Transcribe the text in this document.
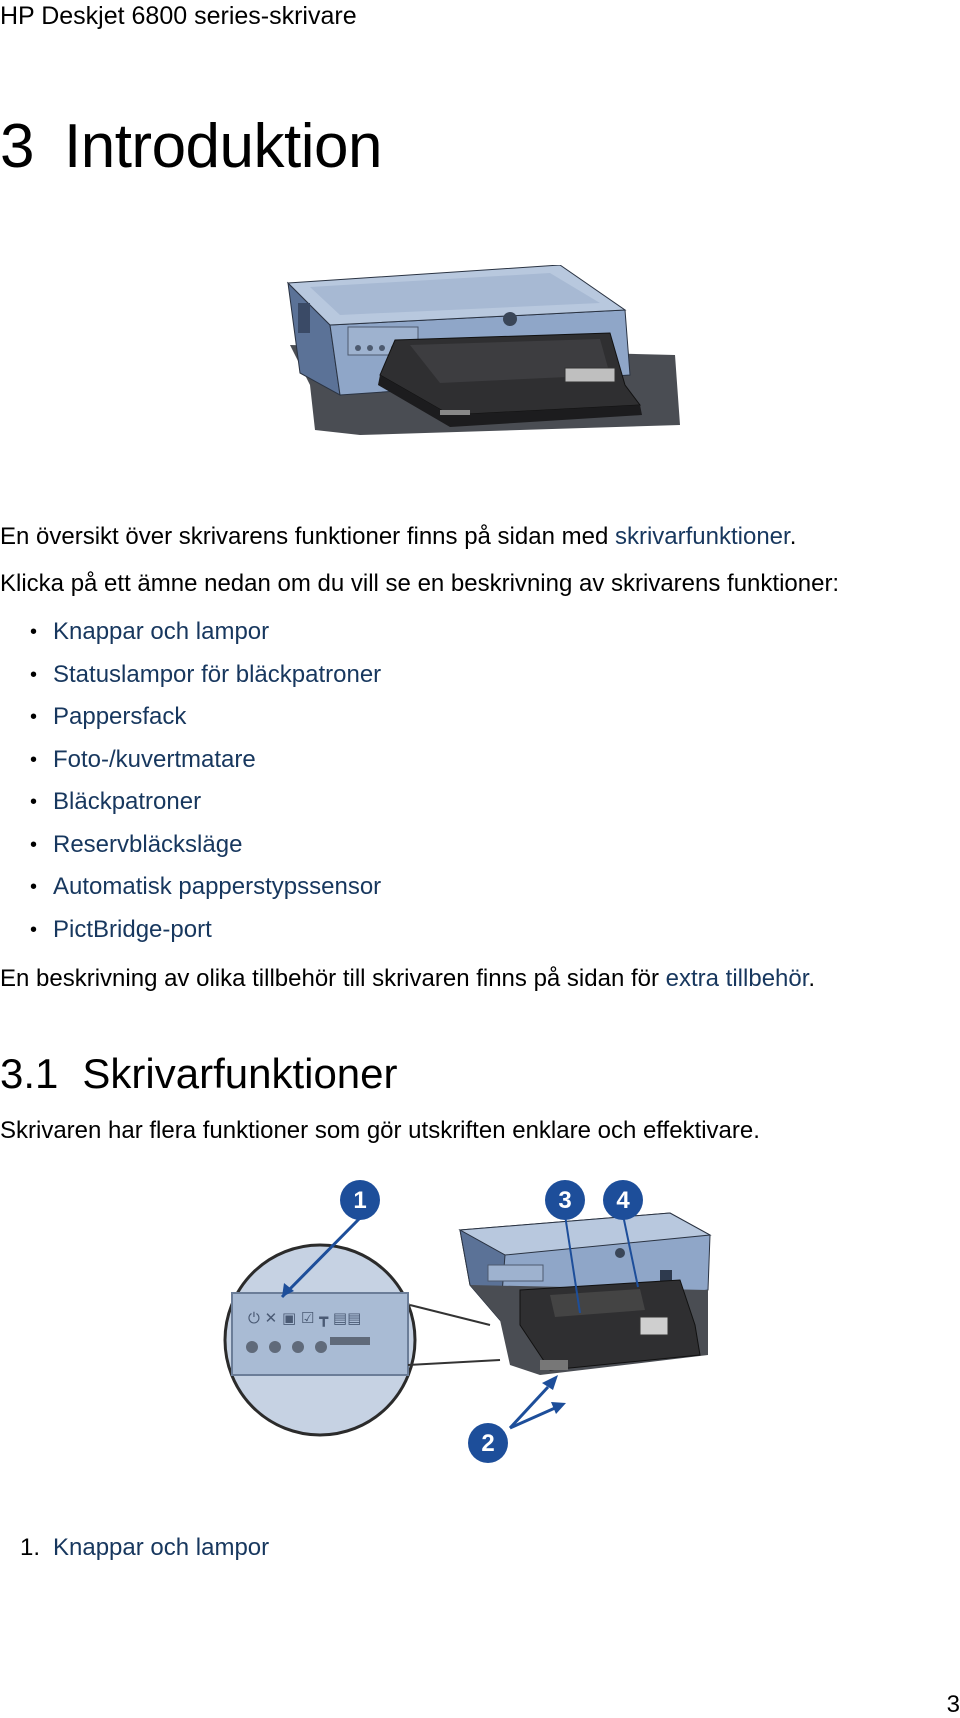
HP Deskjet 6800 series-skrivare
3 Introduktion
En översikt över skrivarens funktioner finns på sidan med skrivarfunktioner.
Klicka på ett ämne nedan om du vill se en beskrivning av skrivarens funktioner:
• Knappar och lampor
• Statuslampor för bläckpatroner
• Pappersfack
• Foto-/kuvertmatare
• Bläckpatroner
• Reservbläcksläge
• Automatisk papperstypssensor
• PictBridge-port
En beskrivning av olika tillbehör till skrivaren finns på sidan för extra tillbehör.
3.1 Skrivarfunktioner
Skrivaren har flera funktioner som gör utskriften enklare och effektivare.
⏻ ✕ ▣ ☑ ┳ ▤▤
1
2
3 4
1. Knappar och lampor
3
